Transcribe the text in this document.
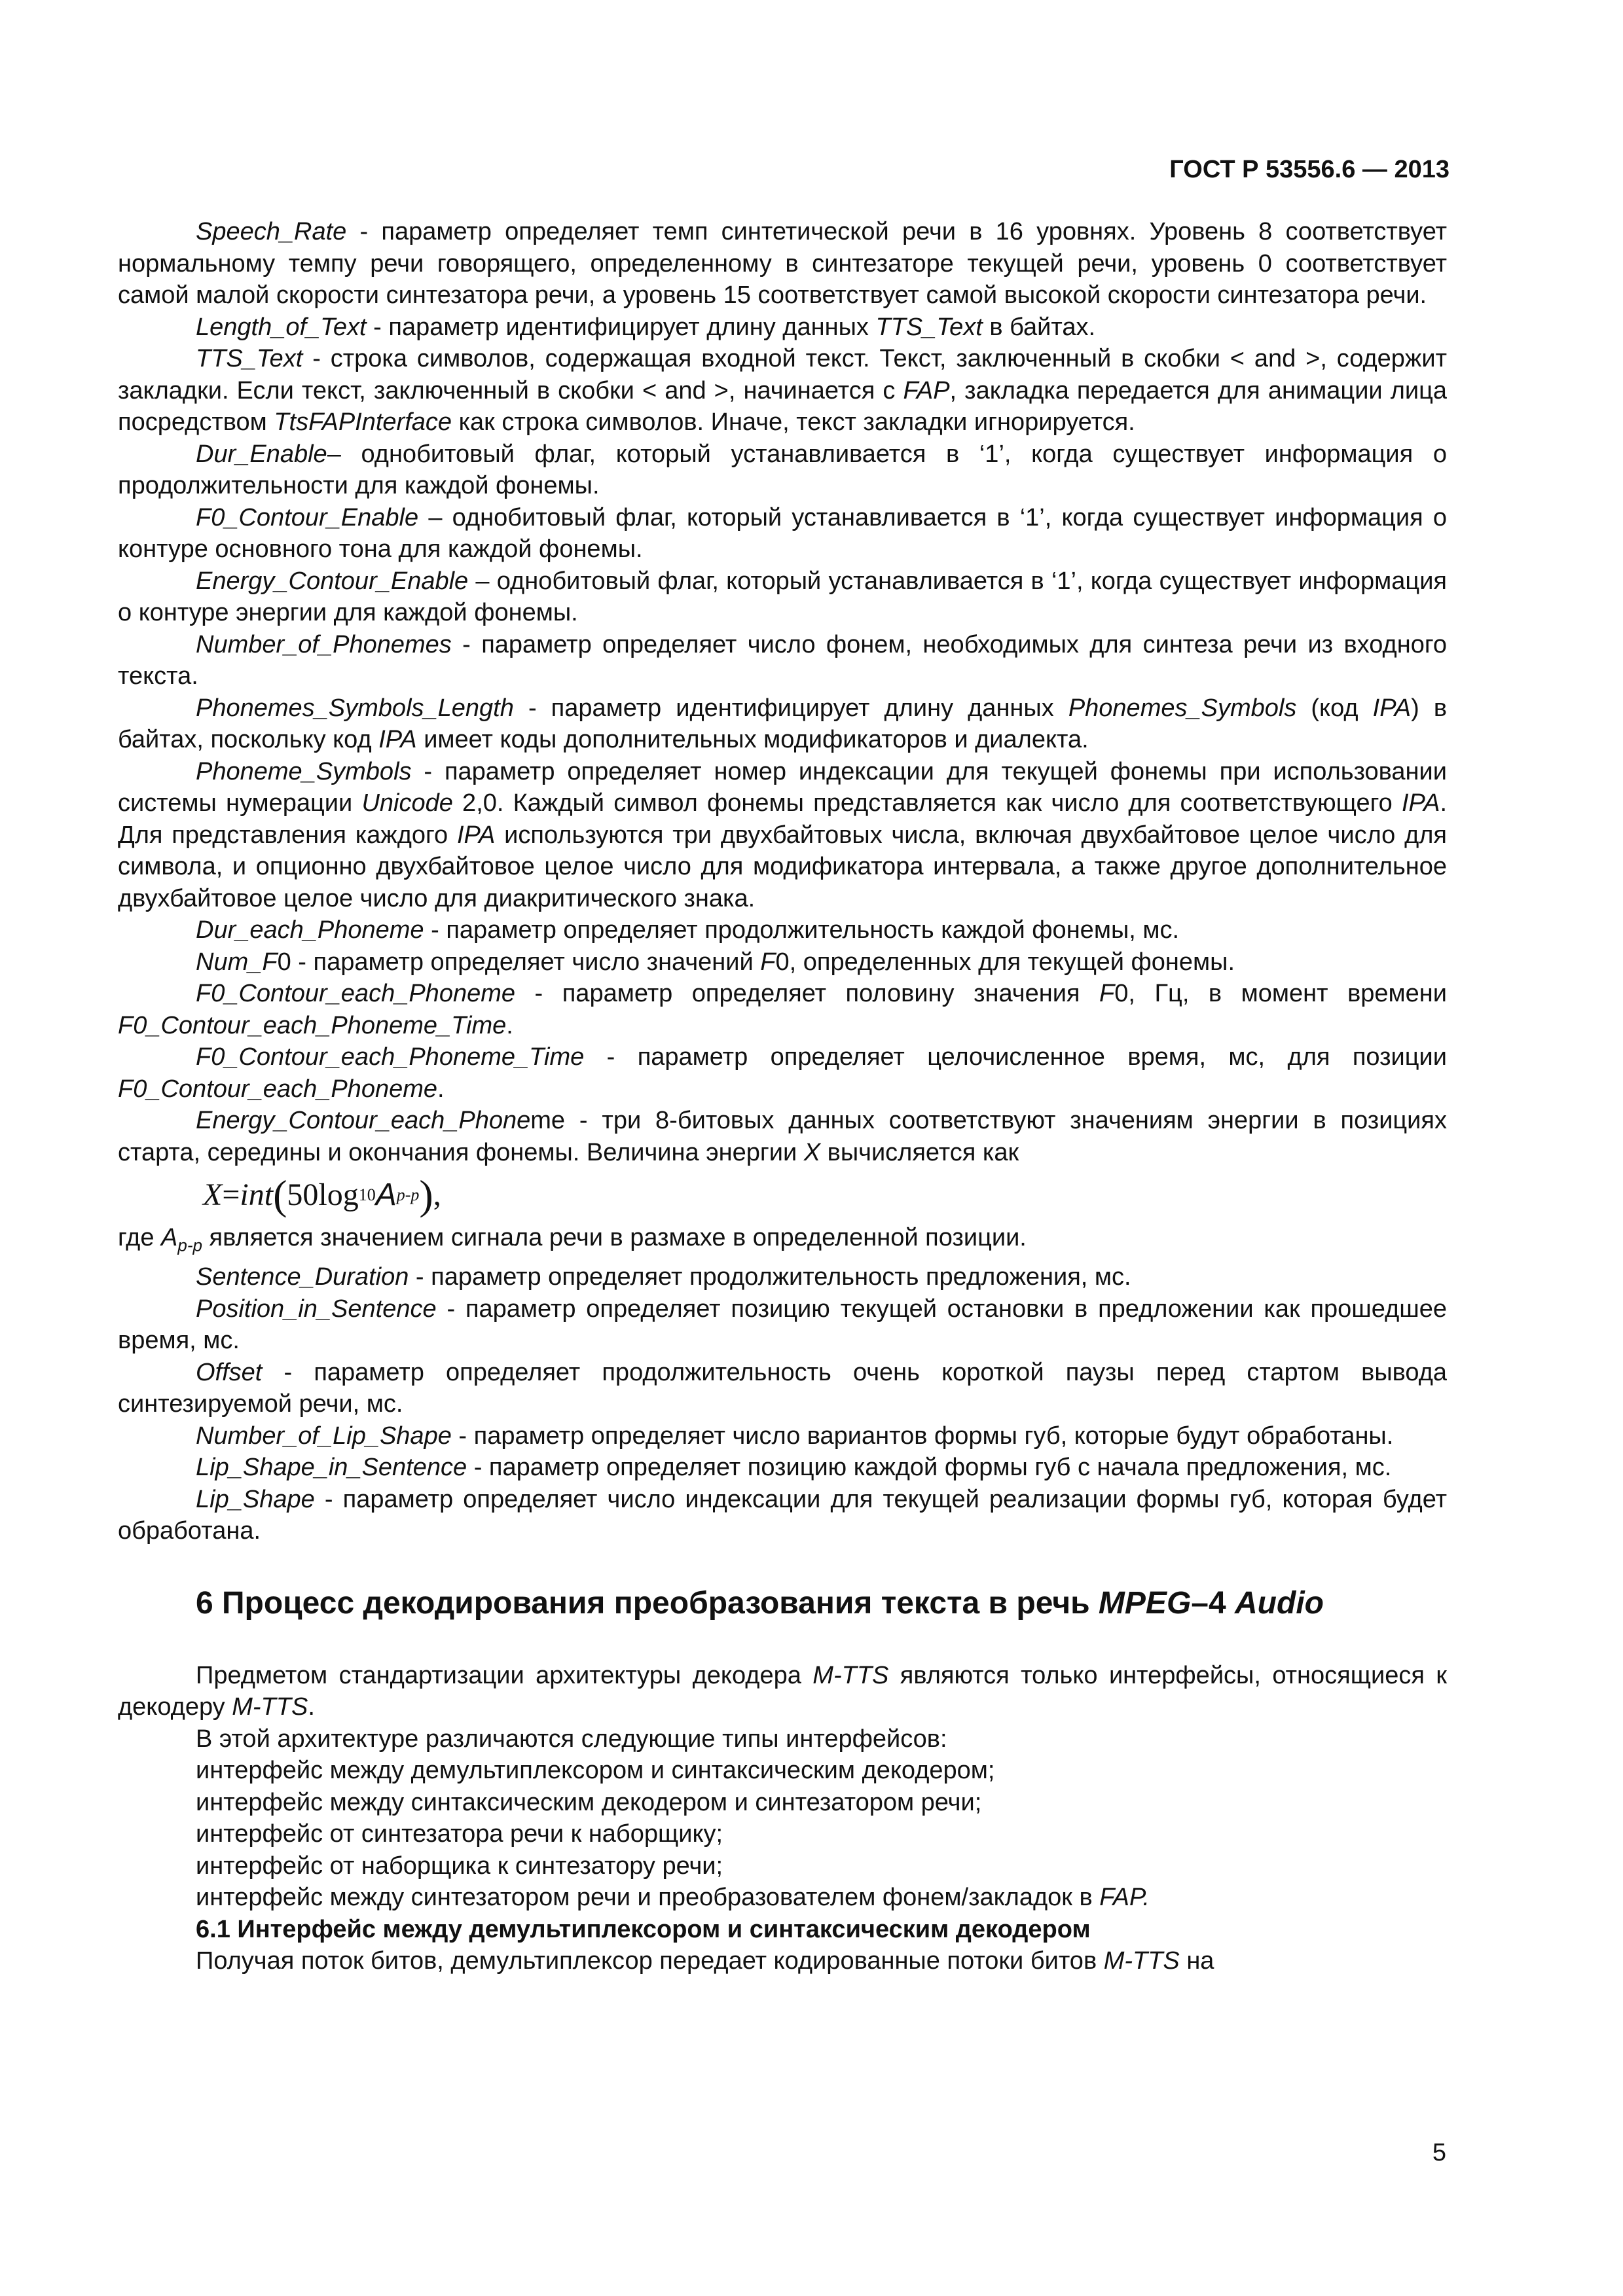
ГОСТ Р 53556.6 — 2013

Speech_Rate - параметр определяет темп синтетической речи в 16 уровнях. Уровень 8 соответствует нормальному темпу речи говорящего, определенному в синтезаторе текущей речи, уровень 0 соответствует самой малой скорости синтезатора речи, а уровень 15 соответствует самой высокой скорости синтезатора речи.

Length_of_Text - параметр идентифицирует длину данных TTS_Text в байтах.

TTS_Text - строка символов, содержащая входной текст. Текст, заключенный в скобки < and >, содержит закладки. Если текст, заключенный в скобки < and >, начинается с FAP, закладка передается для анимации лица посредством TtsFAPInterface как строка символов. Иначе, текст закладки игнорируется.

Dur_Enable– однобитовый флаг, который устанавливается в ‘1’, когда существует информация о продолжительности для каждой фонемы.

F0_Contour_Enable – однобитовый флаг, который устанавливается в ‘1’, когда существует информация о контуре основного тона для каждой фонемы.

Energy_Contour_Enable – однобитовый флаг, который устанавливается в ‘1’, когда существует информация о контуре энергии для каждой фонемы.

Number_of_Phonemes - параметр определяет число фонем, необходимых для синтеза речи из входного текста.

Phonemes_Symbols_Length - параметр идентифицирует длину данных Phonemes_Symbols (код IPA) в байтах, поскольку код IPA имеет коды дополнительных модификаторов и диалекта.

Phoneme_Symbols - параметр определяет номер индексации для текущей фонемы при использовании системы нумерации Unicode 2,0. Каждый символ фонемы представляется как число для соответствующего IPA. Для представления каждого IPA используются три двухбайтовых числа, включая двухбайтовое целое число для символа, и опционно двухбайтовое целое число для модификатора интервала, а также другое дополнительное двухбайтовое целое число для диакритического знака.

Dur_each_Phoneme - параметр определяет продолжительность каждой фонемы, мс.

Num_F0 - параметр определяет число значений F0, определенных для текущей фонемы.

F0_Contour_each_Phoneme - параметр определяет половину значения F0, Гц, в момент времени F0_Contour_each_Phoneme_Time.

F0_Contour_each_Phoneme_Time - параметр определяет целочисленное время, мс, для позиции F0_Contour_each_Phoneme.

Energy_Contour_each_Phoneme - три 8-битовых данных соответствуют значениям энергии в позициях старта, середины и окончания фонемы. Величина энергии X вычисляется как

X = int ( 50log 10 A p-p ) ,

где $A_{p-p}$ является значением сигнала речи в размахе в определенной позиции.

Sentence_Duration - параметр определяет продолжительность предложения, мс.

Position_in_Sentence - параметр определяет позицию текущей остановки в предложении как прошедшее время, мс.

Offset - параметр определяет продолжительность очень короткой паузы перед стартом вывода синтезируемой речи, мс.

Number_of_Lip_Shape - параметр определяет число вариантов формы губ, которые будут обработаны.

Lip_Shape_in_Sentence - параметр определяет позицию каждой формы губ с начала предложения, мс.

Lip_Shape - параметр определяет число индексации для текущей реализации формы губ, которая будет обработана.

6 Процесс декодирования преобразования текста в речь MPEG–4 Audio

Предметом стандартизации архитектуры декодера M-TTS являются только интерфейсы, относящиеся к декодеру M-TTS.

В этой архитектуре различаются следующие типы интерфейсов:

интерфейс между демультиплексором и синтаксическим декодером;

интерфейс между синтаксическим декодером и синтезатором речи;

интерфейс от синтезатора речи к наборщику;

интерфейс от наборщика к синтезатору речи;

интерфейс между синтезатором речи и преобразователем фонем/закладок в FAP.

6.1 Интерфейс между демультиплексором и синтаксическим декодером

Получая поток битов, демультиплексор передает кодированные потоки битов M-TTS на

5
